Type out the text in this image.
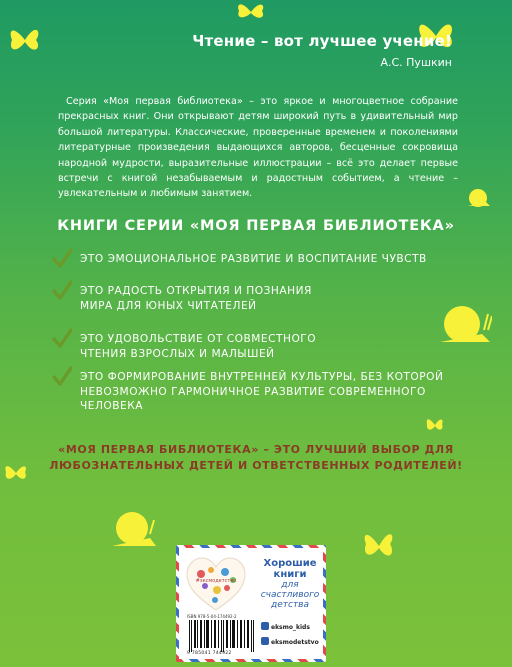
Чтение – вот лучшее учение!
А.С. Пушкин
Серия «Моя первая библиотека» – это яркое и многоцветное собрание прекрасных книг. Они открывают детям широкий путь в удивительный мир большой литературы. Классические, проверенные временем и поколениями литературные произведения выдающихся авторов, бесценные сокровища народной мудрости, выразительные иллюстрации – всё это делает первые встречи с книгой незабываемым и радостным событием, а чтение – увлекательным и любимым занятием.
КНИГИ СЕРИИ «МОЯ ПЕРВАЯ БИБЛИОТЕКА»
ЭТО ЭМОЦИОНАЛЬНОЕ РАЗВИТИЕ И ВОСПИТАНИЕ ЧУВСТВ
ЭТО РАДОСТЬ ОТКРЫТИЯ И ПОЗНАНИЯ МИРА ДЛЯ ЮНЫХ ЧИТАТЕЛЕЙ
ЭТО УДОВОЛЬСТВИЕ ОТ СОВМЕСТНОГО ЧТЕНИЯ ВЗРОСЛЫХ И МАЛЫШЕЙ
ЭТО ФОРМИРОВАНИЕ ВНУТРЕННЕЙ КУЛЬТУРЫ, БЕЗ КОТОРОЙ НЕВОЗМОЖНО ГАРМОНИЧНОЕ РАЗВИТИЕ СОВРЕМЕННОГО ЧЕЛОВЕКА
«МОЯ ПЕРВАЯ БИБЛИОТЕКА» – ЭТО ЛУЧШИЙ ВЫБОР ДЛЯ ЛЮБОЗНАТЕЛЬНЫХ ДЕТЕЙ И ОТВЕТСТВЕННЫХ РОДИТЕЛЕЙ!
#эксмодетство
Хорошие
книги
для счастливого
детства
ISBN 978-5-04-174492-2
9 785041 744922
eksmo_kids
eksmodetstvo
